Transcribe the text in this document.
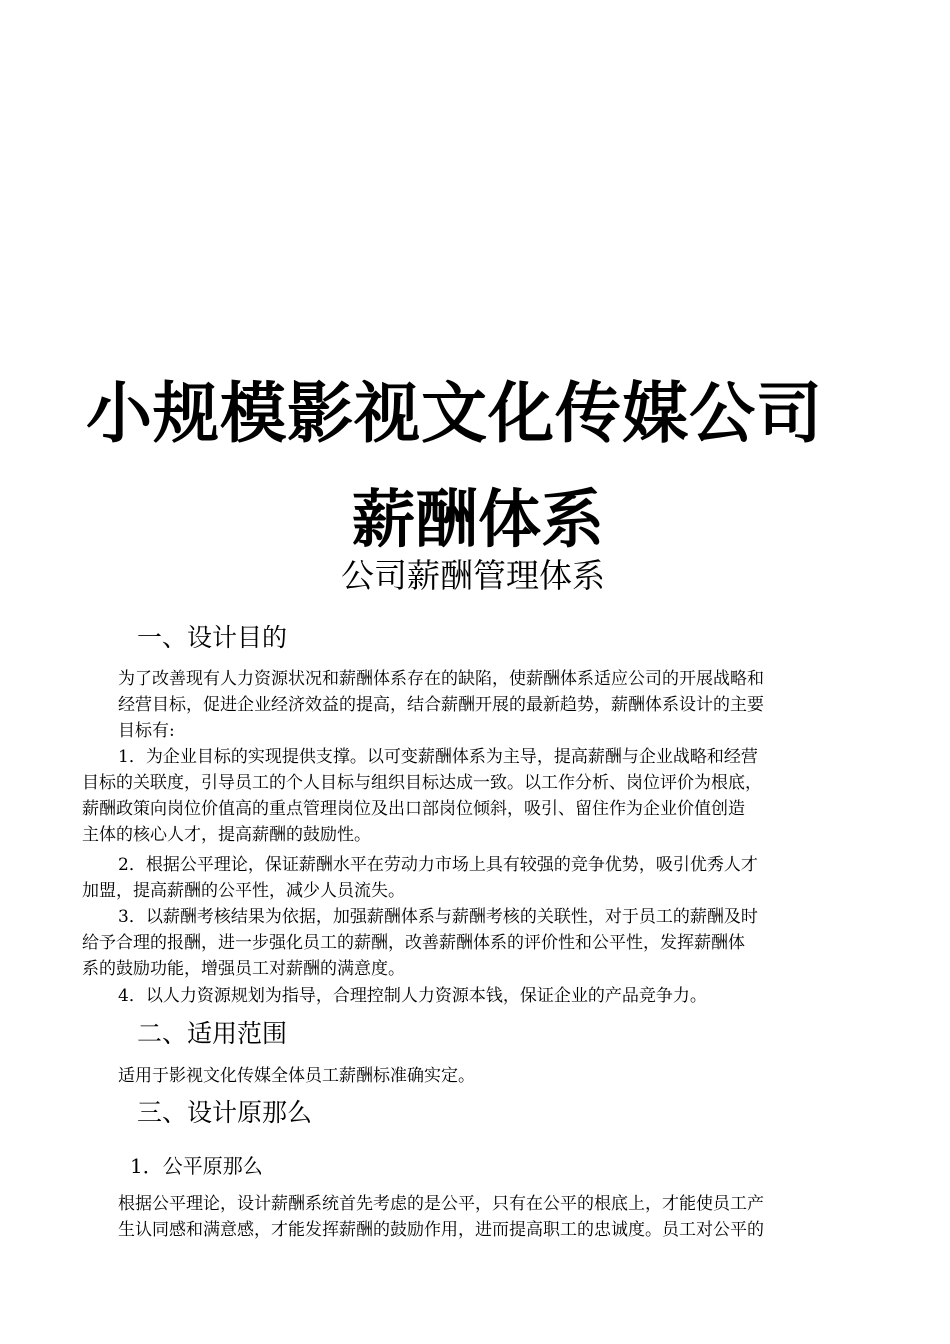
小规模影视文化传媒公司
薪酬体系
公司薪酬管理体系
一、设计目的
为了改善现有人力资源状况和薪酬体系存在的缺陷，使薪酬体系适应公司的开展战略和
经营目标，促进企业经济效益的提高，结合薪酬开展的最新趋势，薪酬体系设计的主要
目标有:
1．为企业目标的实现提供支撑。以可变薪酬体系为主导，提高薪酬与企业战略和经营
目标的关联度，引导员工的个人目标与组织目标达成一致。以工作分析、岗位评价为根底，
薪酬政策向岗位价值高的重点管理岗位及出口部岗位倾斜，吸引、留住作为企业价值创造
主体的核心人才，提高薪酬的鼓励性。
2．根据公平理论，保证薪酬水平在劳动力市场上具有较强的竞争优势，吸引优秀人才
加盟，提高薪酬的公平性，减少人员流失。
3．以薪酬考核结果为依据，加强薪酬体系与薪酬考核的关联性，对于员工的薪酬及时
给予合理的报酬，进一步强化员工的薪酬，改善薪酬体系的评价性和公平性，发挥薪酬体
系的鼓励功能，增强员工对薪酬的满意度。
4．以人力资源规划为指导，合理控制人力资源本钱，保证企业的产品竞争力。
二、适用范围
适用于影视文化传媒全体员工薪酬标准确实定。
三、设计原那么
1．公平原那么
根据公平理论，设计薪酬系统首先考虑的是公平，只有在公平的根底上，才能使员工产
生认同感和满意感，才能发挥薪酬的鼓励作用，进而提高职工的忠诚度。员工对公平的
